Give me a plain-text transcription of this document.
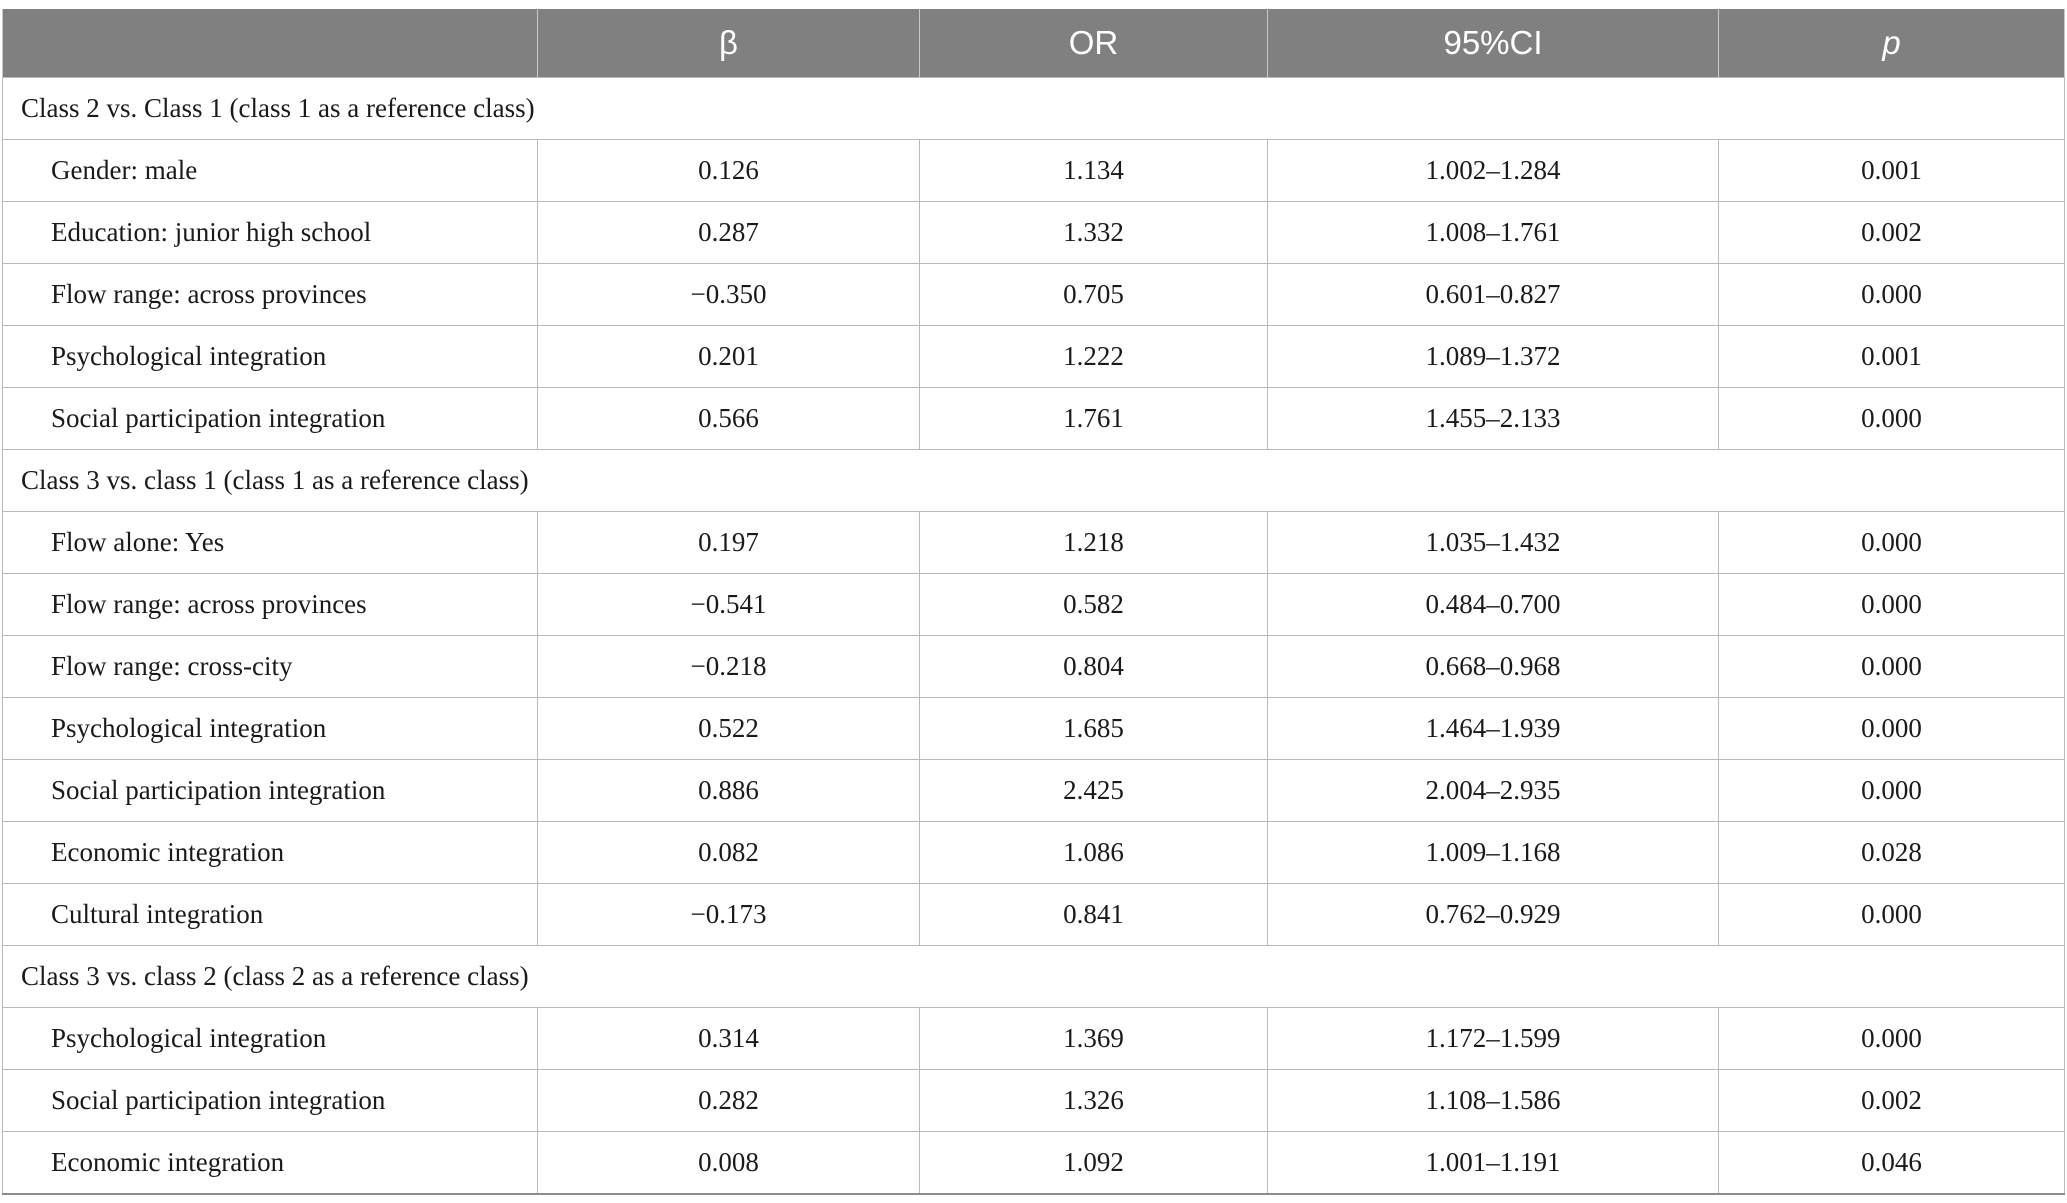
	β	OR	95%CI	p
Class 2 vs. Class 1 (class 1 as a reference class)				
Gender: male	0.126	1.134	1.002–1.284	0.001
Education: junior high school	0.287	1.332	1.008–1.761	0.002
Flow range: across provinces	−0.350	0.705	0.601–0.827	0.000
Psychological integration	0.201	1.222	1.089–1.372	0.001
Social participation integration	0.566	1.761	1.455–2.133	0.000
Class 3 vs. class 1 (class 1 as a reference class)				
Flow alone: Yes	0.197	1.218	1.035–1.432	0.000
Flow range: across provinces	−0.541	0.582	0.484–0.700	0.000
Flow range: cross-city	−0.218	0.804	0.668–0.968	0.000
Psychological integration	0.522	1.685	1.464–1.939	0.000
Social participation integration	0.886	2.425	2.004–2.935	0.000
Economic integration	0.082	1.086	1.009–1.168	0.028
Cultural integration	−0.173	0.841	0.762–0.929	0.000
Class 3 vs. class 2 (class 2 as a reference class)				
Psychological integration	0.314	1.369	1.172–1.599	0.000
Social participation integration	0.282	1.326	1.108–1.586	0.002
Economic integration	0.008	1.092	1.001–1.191	0.046
